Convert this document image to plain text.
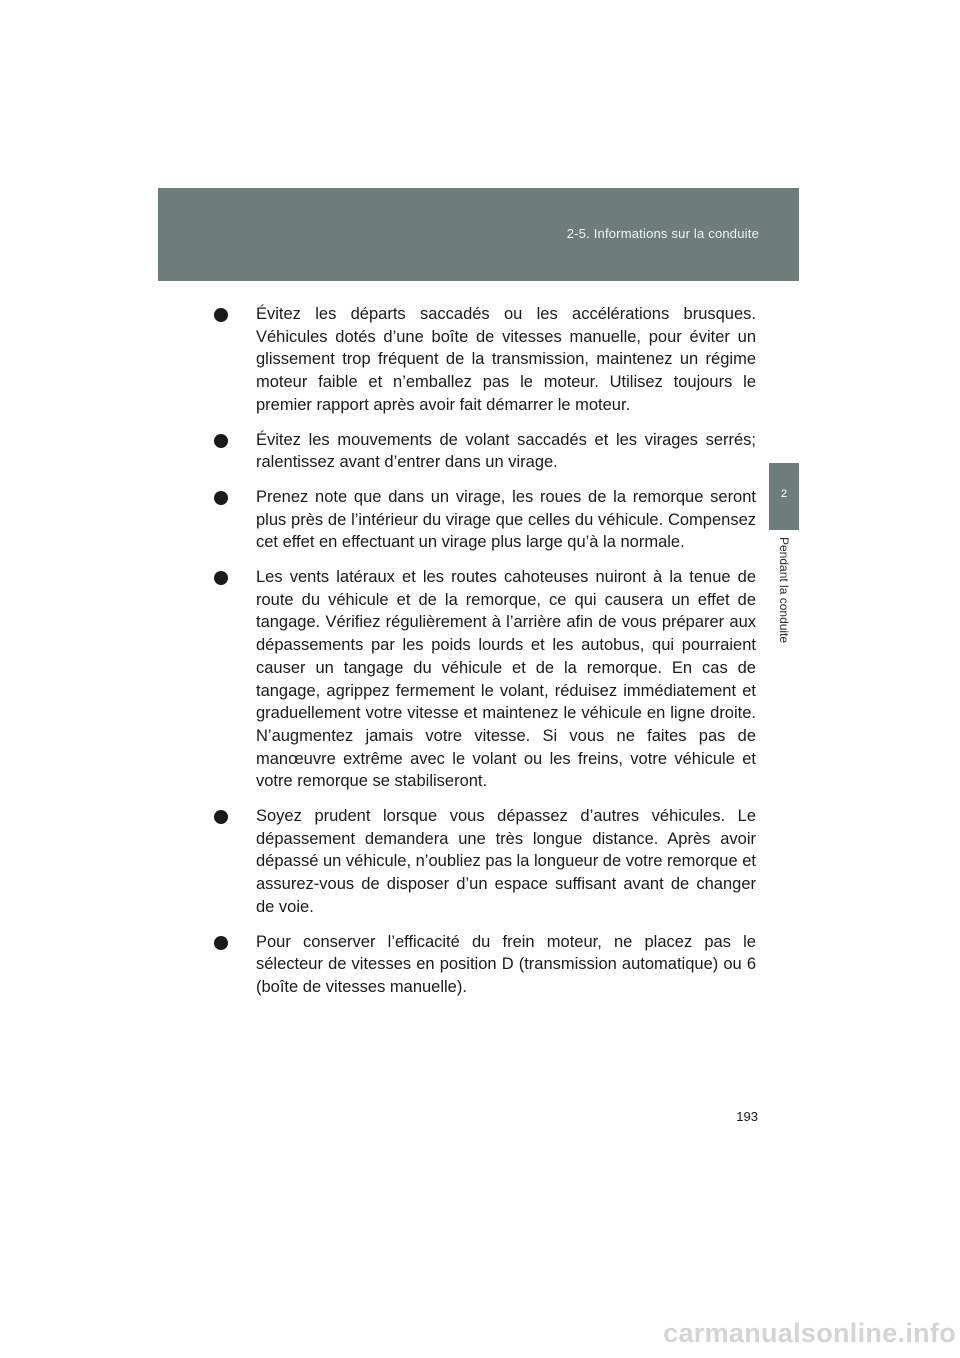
2-5. Informations sur la conduite
2
Pendant la conduite
Évitez les départs saccadés ou les accélérations brusques. Véhicules dotés d’une boîte de vitesses manuelle, pour éviter un glissement trop fréquent de la transmission, maintenez un régime moteur faible et n’emballez pas le moteur. Utilisez toujours le premier rapport après avoir fait démarrer le moteur.
Évitez les mouvements de volant saccadés et les virages serrés; ralentissez avant d’entrer dans un virage.
Prenez note que dans un virage, les roues de la remorque seront plus près de l’intérieur du virage que celles du véhicule. Compensez cet effet en effectuant un virage plus large qu’à la normale.
Les vents latéraux et les routes cahoteuses nuiront à la tenue de route du véhicule et de la remorque, ce qui causera un effet de tangage. Vérifiez régulièrement à l’arrière afin de vous préparer aux dépassements par les poids lourds et les autobus, qui pourraient causer un tangage du véhicule et de la remorque. En cas de tangage, agrippez fermement le volant, réduisez immédiatement et graduellement votre vitesse et maintenez le véhicule en ligne droite. N’augmentez jamais votre vitesse. Si vous ne faites pas de manœuvre extrême avec le volant ou les freins, votre véhicule et votre remorque se stabiliseront.
Soyez prudent lorsque vous dépassez d’autres véhicules. Le dépassement demandera une très longue distance. Après avoir dépassé un véhicule, n’oubliez pas la longueur de votre remorque et assurez-vous de disposer d’un espace suffisant avant de changer de voie.
Pour conserver l’efficacité du frein moteur, ne placez pas le sélecteur de vitesses en position D (transmission automatique) ou 6 (boîte de vitesses manuelle).
193
carmanualsonline.info
